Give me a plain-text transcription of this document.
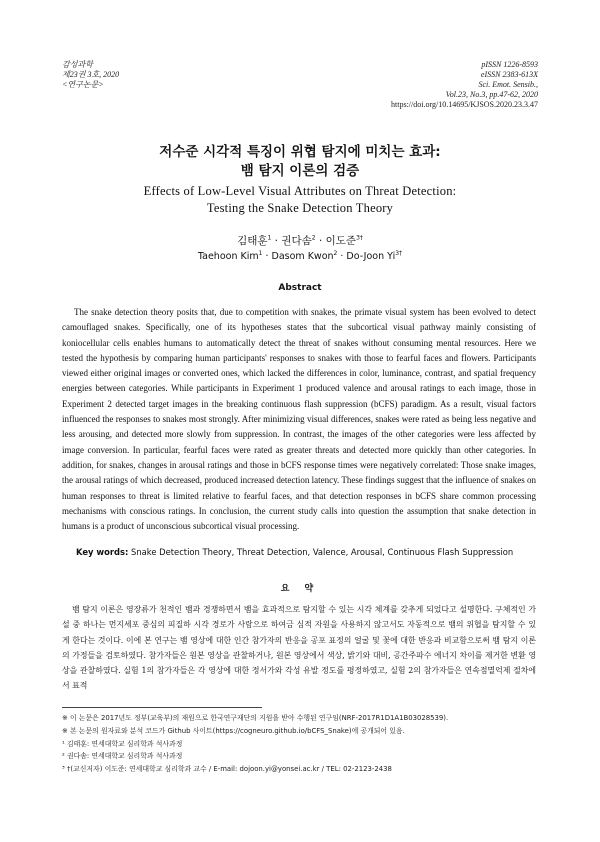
감성과학
제23권 3호, 2020
<연구논문>
pISSN 1226-8593
eISSN 2383-613X
Sci. Emot. Sensib.,
Vol.23, No.3, pp.47-62, 2020
https://doi.org/10.14695/KJSOS.2020.23.3.47
저수준 시각적 특징이 위협 탐지에 미치는 효과:
뱀 탐지 이론의 검증
Effects of Low-Level Visual Attributes on Threat Detection:
Testing the Snake Detection Theory
김태훈$^1$ · 권다솜$^2$ · 이도준$^{3\dagger}$
Taehoon Kim$^1$ · Dasom Kwon$^2$ · Do-Joon $Yi^{3\dagger}$
Abstract

The snake detection theory posits that, due to competition with snakes, the primate visual system has been evolved to detect camouflaged snakes. Specifically, one of its hypotheses states that the subcortical visual pathway mainly consisting of koniocellular cells enables humans to automatically detect the threat of snakes without consuming mental resources. Here we tested the hypothesis by comparing human participants' responses to snakes with those to fearful faces and flowers. Participants viewed either original images or converted ones, which lacked the differences in color, luminance, contrast, and spatial frequency energies between categories. While participants in Experiment 1 produced valence and arousal ratings to each image, those in Experiment 2 detected target images in the breaking continuous flash suppression (bCFS) paradigm. As a result, visual factors influenced the responses to snakes most strongly. After minimizing visual differences, snakes were rated as being less negative and less arousing, and detected more slowly from suppression. In contrast, the images of the other categories were less affected by image conversion. In particular, fearful faces were rated as greater threats and detected more quickly than other categories. In addition, for snakes, changes in arousal ratings and those in bCFS response times were negatively correlated: Those snake images, the arousal ratings of which decreased, produced increased detection latency. These findings suggest that the influence of snakes on human responses to threat is limited relative to fearful faces, and that detection responses in bCFS share common processing mechanisms with conscious ratings. In conclusion, the current study calls into question the assumption that snake detection in humans is a product of unconscious subcortical visual processing.

Key words: Snake Detection Theory, Threat Detection, Valence, Arousal, Continuous Flash Suppression
요 약

뱀 탐지 이론은 영장류가 천적인 뱀과 경쟁하면서 뱀을 효과적으로 탐지할 수 있는 시각 체계를 갖추게 되었다고 설명한다. 구체적인 가설 중 하나는 먼지세포 중심의 피질하 시각 경로가 사람으로 하여금 심적 자원을 사용하지 않고서도 자동적으로 뱀의 위협을 탐지할 수 있게 한다는 것이다. 이에 본 연구는 뱀 영상에 대한 인간 참가자의 반응을 공포 표정의 얼굴 및 꽃에 대한 반응과 비교함으로써 뱀 탐지 이론의 가정들을 검토하였다. 참가자들은 원본 영상을 관찰하거나, 원본 영상에서 색상, 밝기와 대비, 공간주파수 에너지 차이를 제거한 변환 영상을 관찰하였다. 실험 1의 참가자들은 각 영상에 대한 정서가와 각성 유발 정도를 평정하였고, 실험 2의 참가자들은 연속점멸억제 절차에서 표적

※ 이 논문은 2017년도 정부(교육부)의 재원으로 한국연구재단의 지원을 받아 수행된 연구임(NRF-2017R1D1A1B03028539).
※ 본 논문의 원자료와 분석 코드가 Github 사이트(https://cogneuro.github.io/bCFS_Snake)에 공개되어 있음.
¹ 김태훈: 연세대학교 심리학과 석사과정
² 권다솜: 연세대학교 심리학과 석사과정
³ †(교신저자) 이도준: 연세대학교 심리학과 교수 / E-mail: dojoon.yi@yonsei.ac.kr / TEL: 02-2123-2438
